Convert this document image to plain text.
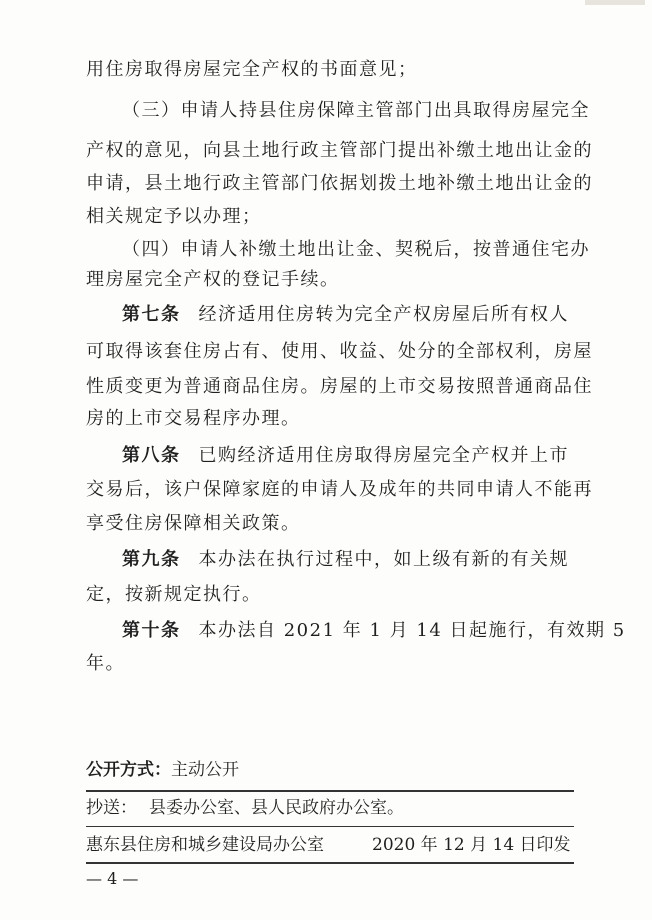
用住房取得房屋完全产权的书面意见；
（三）申请人持县住房保障主管部门出具取得房屋完全
产权的意见，向县土地行政主管部门提出补缴土地出让金的
申请，县土地行政主管部门依据划拨土地补缴土地出让金的
相关规定予以办理；
（四）申请人补缴土地出让金、契税后，按普通住宅办
理房屋完全产权的登记手续。
第七条 经济适用住房转为完全产权房屋后所有权人
可取得该套住房占有、使用、收益、处分的全部权利，房屋
性质变更为普通商品住房。房屋的上市交易按照普通商品住
房的上市交易程序办理。
第八条 已购经济适用住房取得房屋完全产权并上市
交易后，该户保障家庭的申请人及成年的共同申请人不能再
享受住房保障相关政策。
第九条 本办法在执行过程中，如上级有新的有关规
定，按新规定执行。
第十条 本办法自 2021 年 1 月 14 日起施行，有效期 5
年。
公开方式：主动公开
抄送： 县委办公室、县人民政府办公室。
惠东县住房和城乡建设局办公室	2020 年 12 月 14 日印发
— 4 —
